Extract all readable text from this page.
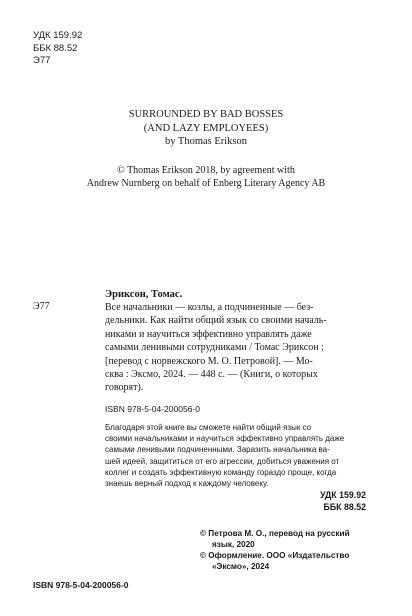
УДК 159.92
ББК 88.52
Э77
SURROUNDED BY BAD BOSSES
(AND LAZY EMPLOYEES)
by Thomas Erikson
© Thomas Erikson 2018, by agreement with
Andrew Nurnberg on behalf of Enberg Literary Agency AB
Эриксон, Томас.
Э77	Все начальники — козлы, а подчиненные — без-
дельники. Как найти общий язык со своими началь-
никами и научиться эффективно управлять даже
самыми ленивыми сотрудниками / Томас Эриксон ;
[перевод с норвежского М. О. Петровой]. — Мо-
сква : Эксмо, 2024. — 448 с. — (Книги, о которых
говорят).
ISBN 978-5-04-200056-0
Благодаря этой книге вы сможете найти общий язык со
своими начальниками и научиться эффективно управлять даже
самыми ленивыми подчиненными. Заразить начальника ва-
шей идеей, защититься от его агрессии, добиться уважения от
коллег и создать эффективную команду гораздо проще, когда
знаешь верный подход к каждому человеку.
УДК 159.92
ББК 88.52
© Петрова М. О., перевод на русский
язык, 2020
© Оформление. ООО «Издательство
«Эксмо», 2024
ISBN 978-5-04-200056-0
